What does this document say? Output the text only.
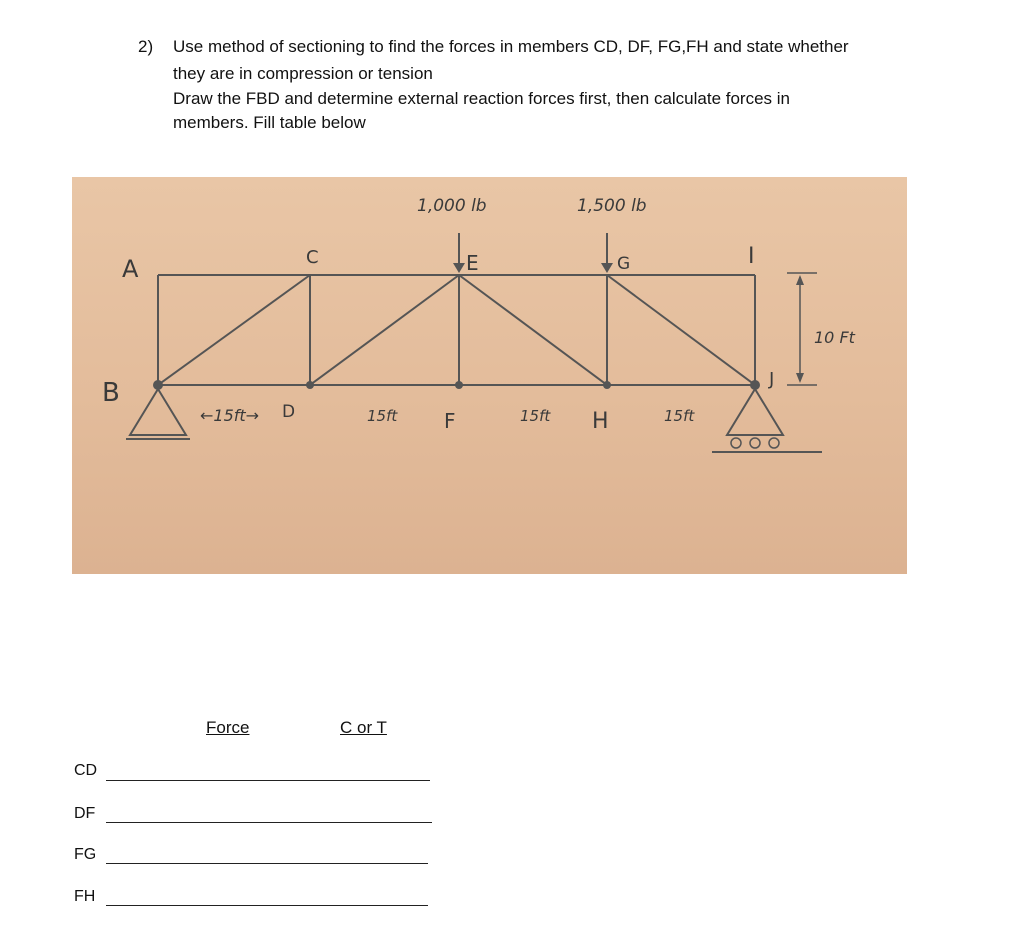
2) Use method of sectioning to find the forces in members CD, DF, FG,FH and state whether
they are in compression or tension
Draw the FBD and determine external reaction forces first, then calculate forces in
members. Fill table below
1,000 lb	1,500 lb
A
B
C
D
E
F
G
H
I
J
←15ft→	15ft	15ft	15ft
10 Ft
Force	C or T
CD
DF
FG
FH
